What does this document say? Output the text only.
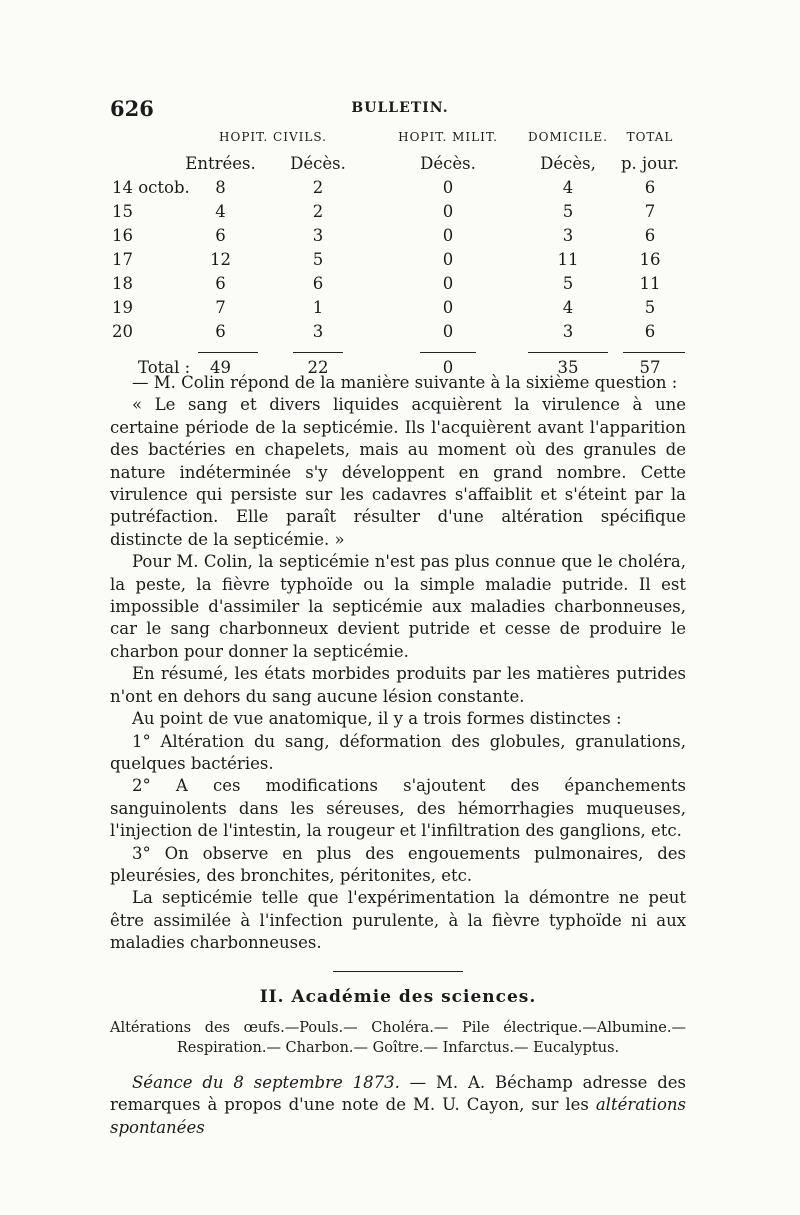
626	BULLETIN.
HOPIT. CIVILS.	HOPIT. MILIT.	DOMICILE.	TOTAL
Entrées.	Décès.	Décès.	Décès,	p. jour.
14 octob.	8	2	0	4	6
15	4	2	0	5	7
16	6	3	0	3	6
17	12	5	0	11	16
18	6	6	0	5	11
19	7	1	0	4	5
20	6	3	0	3	6
Total :	49	22	0	35	57

— M. Colin répond de la manière suivante à la sixième question :

« Le sang et divers liquides acquièrent la virulence à une certaine période de la septicémie. Ils l'acquièrent avant l'apparition des bactéries en chapelets, mais au moment où des granules de nature indéterminée s'y développent en grand nombre. Cette virulence qui persiste sur les cadavres s'affaiblit et s'éteint par la putréfaction. Elle paraît résulter d'une altération spécifique distincte de la septicémie. »

Pour M. Colin, la septicémie n'est pas plus connue que le choléra, la peste, la fièvre typhoïde ou la simple maladie putride. Il est impossible d'assimiler la septicémie aux maladies charbonneuses, car le sang charbonneux devient putride et cesse de produire le charbon pour donner la septicémie.

En résumé, les états morbides produits par les matières putrides n'ont en dehors du sang aucune lésion constante.

Au point de vue anatomique, il y a trois formes distinctes :

1° Altération du sang, déformation des globules, granulations, quelques bactéries.

2° A ces modifications s'ajoutent des épanchements sanguinolents dans les séreuses, des hémorrhagies muqueuses, l'injection de l'intestin, la rougeur et l'infiltration des ganglions, etc.

3° On observe en plus des engouements pulmonaires, des pleurésies, des bronchites, péritonites, etc.

La septicémie telle que l'expérimentation la démontre ne peut être assimilée à l'infection purulente, à la fièvre typhoïde ni aux maladies charbonneuses.

II. Académie des sciences.
Altérations des œufs.—Pouls.— Choléra.— Pile électrique.—Albumine.—Respiration.— Charbon.— Goître.— Infarctus.— Eucalyptus.

Séance du 8 septembre 1873. — M. A. Béchamp adresse des remarques à propos d'une note de M. U. Cayon, sur les altérations spontanées
